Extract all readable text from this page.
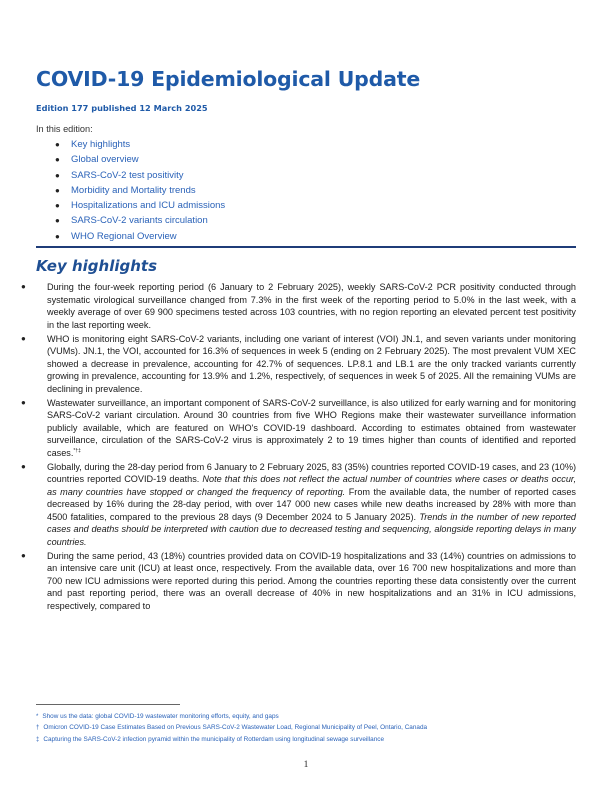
COVID-19 Epidemiological Update
Edition 177 published 12 March 2025
In this edition:
● Key highlights
● Global overview
● SARS-CoV-2 test positivity
● Morbidity and Mortality trends
● Hospitalizations and ICU admissions
● SARS-CoV-2 variants circulation
● WHO Regional Overview
Key highlights

● During the four-week reporting period (6 January to 2 February 2025), weekly SARS-CoV-2 PCR positivity conducted through systematic virological surveillance changed from 7.3% in the first week of the reporting period to 5.0% in the last week, with a weekly average of over 69 900 specimens tested across 103 countries, with no region reporting an elevated percent test positivity in the last reporting week.

● WHO is monitoring eight SARS-CoV-2 variants, including one variant of interest (VOI) JN.1, and seven variants under monitoring (VUMs). JN.1, the VOI, accounted for 16.3% of sequences in week 5 (ending on 2 February 2025). The most prevalent VUM XEC showed a decrease in prevalence, accounting for 42.7% of sequences. LP.8.1 and LB.1 are the only tracked variants currently growing in prevalence, accounting for 13.9% and 1.2%, respectively, of sequences in week 5 of 2025. All the remaining VUMs are declining in prevalence.

● Wastewater surveillance, an important component of SARS-CoV-2 surveillance, is also utilized for early warning and for monitoring SARS-CoV-2 variant circulation. Around 30 countries from five WHO Regions make their wastewater surveillance information publicly available, which are featured on WHO's COVID-19 dashboard. According to estimates obtained from wastewater surveillance, circulation of the SARS-CoV-2 virus is approximately 2 to 19 times higher than counts of identified and reported cases.*†‡

● Globally, during the 28-day period from 6 January to 2 February 2025, 83 (35%) countries reported COVID-19 cases, and 23 (10%) countries reported COVID-19 deaths. Note that this does not reflect the actual number of countries where cases or deaths occur, as many countries have stopped or changed the frequency of reporting. From the available data, the number of reported cases decreased by 16% during the 28-day period, with over 147 000 new cases while new deaths increased by 28% with more than 4500 fatalities, compared to the previous 28 days (9 December 2024 to 5 January 2025). Trends in the number of new reported cases and deaths should be interpreted with caution due to decreased testing and sequencing, alongside reporting delays in many countries.

● During the same period, 43 (18%) countries provided data on COVID-19 hospitalizations and 33 (14%) countries on admissions to an intensive care unit (ICU) at least once, respectively. From the available data, over 16 700 new hospitalizations and more than 700 new ICU admissions were reported during this period. Among the countries reporting these data consistently over the current and past reporting period, there was an overall decrease of 40% in new hospitalizations and an 31% in ICU admissions, respectively, compared to

* Show us the data: global COVID-19 wastewater monitoring efforts, equity, and gaps
† Omicron COVID-19 Case Estimates Based on Previous SARS-CoV-2 Wastewater Load, Regional Municipality of Peel, Ontario, Canada
‡ Capturing the SARS-CoV-2 infection pyramid within the municipality of Rotterdam using longitudinal sewage surveillance
1
